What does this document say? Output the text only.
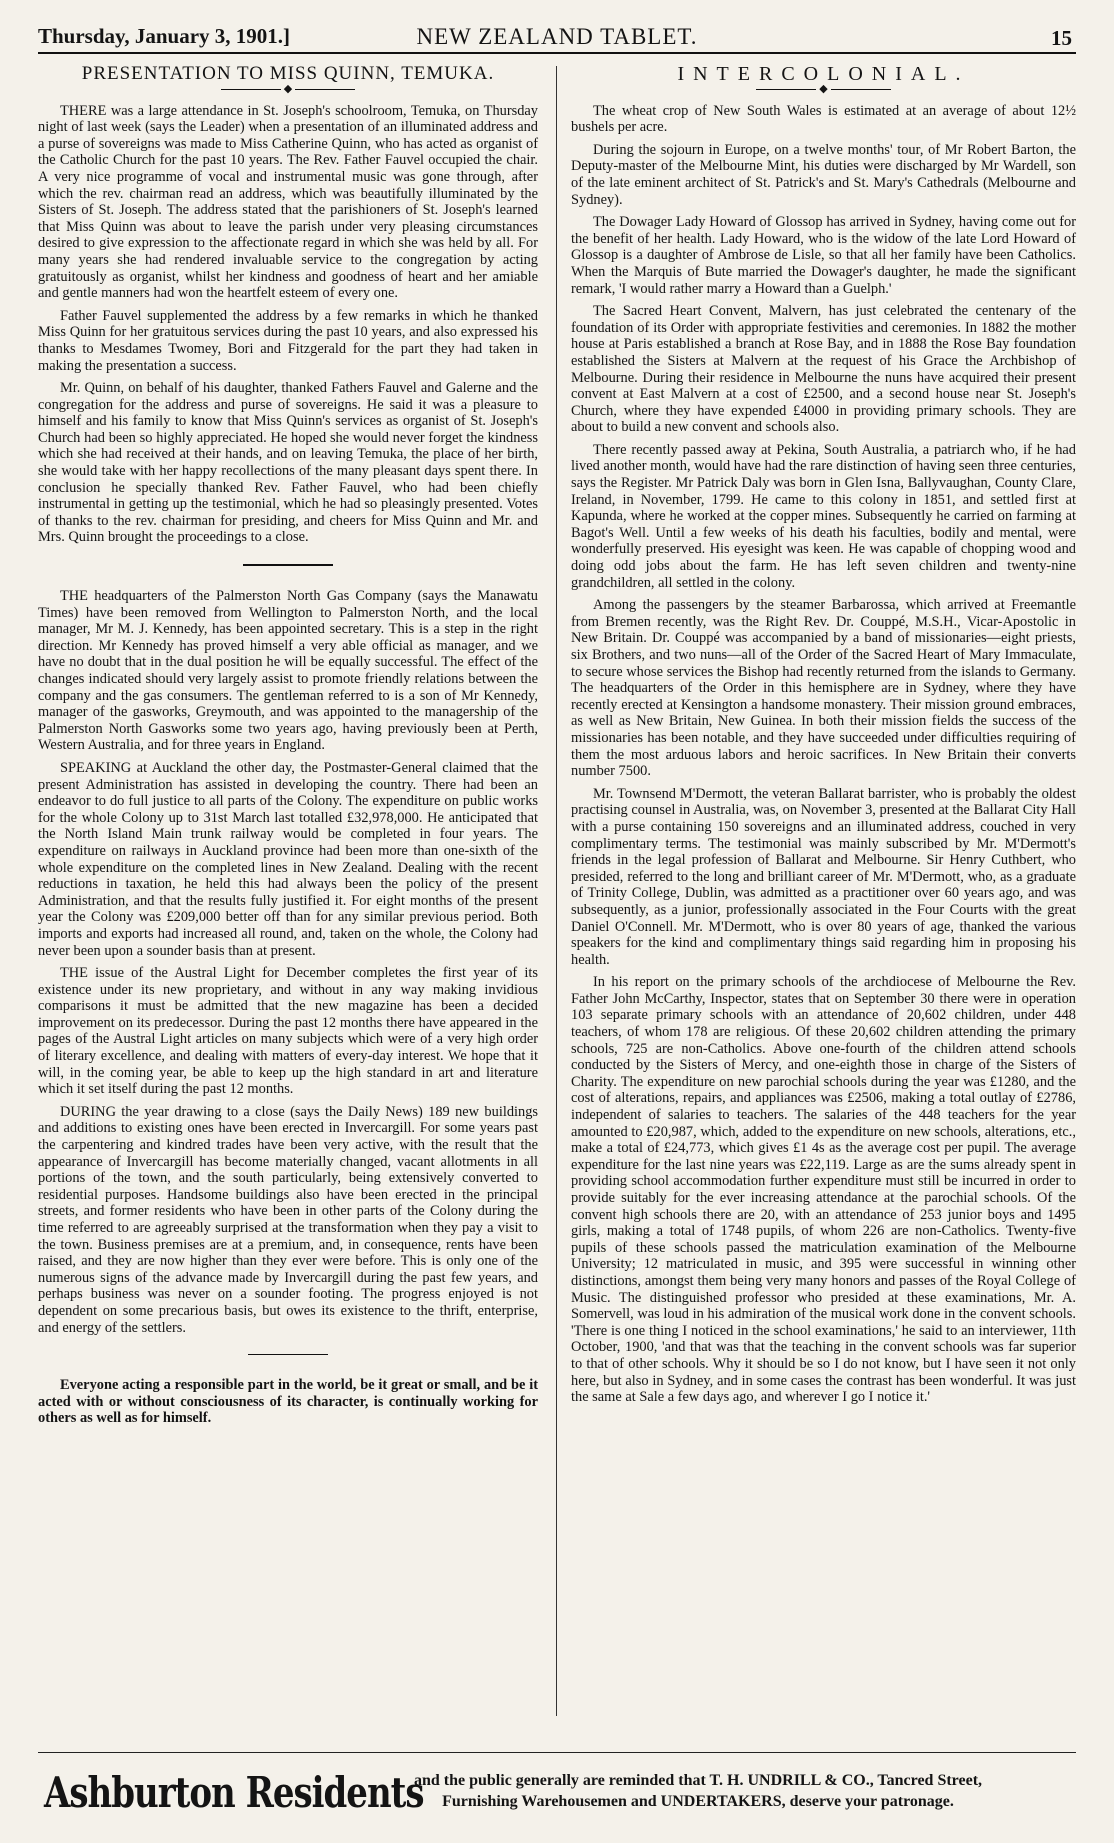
Thursday, January 3, 1901.]	NEW ZEALAND TABLET.	15
PRESENTATION TO MISS QUINN, TEMUKA.
◆

THERE was a large attendance in St. Joseph's schoolroom, Temuka, on Thursday night of last week (says the Leader) when a presentation of an illuminated address and a purse of sovereigns was made to Miss Catherine Quinn, who has acted as organist of the Catholic Church for the past 10 years. The Rev. Father Fauvel occupied the chair. A very nice programme of vocal and instrumental music was gone through, after which the rev. chairman read an address, which was beautifully illuminated by the Sisters of St. Joseph. The address stated that the parishioners of St. Joseph's learned that Miss Quinn was about to leave the parish under very pleasing circumstances desired to give expression to the affectionate regard in which she was held by all. For many years she had rendered invaluable service to the congregation by acting gratuitously as organist, whilst her kindness and goodness of heart and her amiable and gentle manners had won the heartfelt esteem of every one.

Father Fauvel supplemented the address by a few remarks in which he thanked Miss Quinn for her gratuitous services during the past 10 years, and also expressed his thanks to Mesdames Twomey, Bori and Fitzgerald for the part they had taken in making the presentation a success.

Mr. Quinn, on behalf of his daughter, thanked Fathers Fauvel and Galerne and the congregation for the address and purse of sovereigns. He said it was a pleasure to himself and his family to know that Miss Quinn's services as organist of St. Joseph's Church had been so highly appreciated. He hoped she would never forget the kindness which she had received at their hands, and on leaving Temuka, the place of her birth, she would take with her happy recollections of the many pleasant days spent there. In conclusion he specially thanked Rev. Father Fauvel, who had been chiefly instrumental in getting up the testimonial, which he had so pleasingly presented. Votes of thanks to the rev. chairman for presiding, and cheers for Miss Quinn and Mr. and Mrs. Quinn brought the proceedings to a close.

THE headquarters of the Palmerston North Gas Company (says the Manawatu Times) have been removed from Wellington to Palmerston North, and the local manager, Mr M. J. Kennedy, has been appointed secretary. This is a step in the right direction. Mr Kennedy has proved himself a very able official as manager, and we have no doubt that in the dual position he will be equally successful. The effect of the changes indicated should very largely assist to promote friendly relations between the company and the gas consumers. The gentleman referred to is a son of Mr Kennedy, manager of the gasworks, Greymouth, and was appointed to the managership of the Palmerston North Gasworks some two years ago, having previously been at Perth, Western Australia, and for three years in England.

SPEAKING at Auckland the other day, the Postmaster-General claimed that the present Administration has assisted in developing the country. There had been an endeavor to do full justice to all parts of the Colony. The expenditure on public works for the whole Colony up to 31st March last totalled £32,978,000. He anticipated that the North Island Main trunk railway would be completed in four years. The expenditure on railways in Auckland province had been more than one-sixth of the whole expenditure on the completed lines in New Zealand. Dealing with the recent reductions in taxation, he held this had always been the policy of the present Administration, and that the results fully justified it. For eight months of the present year the Colony was £209,000 better off than for any similar previous period. Both imports and exports had increased all round, and, taken on the whole, the Colony had never been upon a sounder basis than at present.

THE issue of the Austral Light for December completes the first year of its existence under its new proprietary, and without in any way making invidious comparisons it must be admitted that the new magazine has been a decided improvement on its predecessor. During the past 12 months there have appeared in the pages of the Austral Light articles on many subjects which were of a very high order of literary excellence, and dealing with matters of every-day interest. We hope that it will, in the coming year, be able to keep up the high standard in art and literature which it set itself during the past 12 months.

DURING the year drawing to a close (says the Daily News) 189 new buildings and additions to existing ones have been erected in Invercargill. For some years past the carpentering and kindred trades have been very active, with the result that the appearance of Invercargill has become materially changed, vacant allotments in all portions of the town, and the south particularly, being extensively converted to residential purposes. Handsome buildings also have been erected in the principal streets, and former residents who have been in other parts of the Colony during the time referred to are agreeably surprised at the transformation when they pay a visit to the town. Business premises are at a premium, and, in consequence, rents have been raised, and they are now higher than they ever were before. This is only one of the numerous signs of the advance made by Invercargill during the past few years, and perhaps business was never on a sounder footing. The progress enjoyed is not dependent on some precarious basis, but owes its existence to the thrift, enterprise, and energy of the settlers.

Everyone acting a responsible part in the world, be it great or small, and be it acted with or without consciousness of its character, is continually working for others as well as for himself.

INTERCOLONIAL.
◆

The wheat crop of New South Wales is estimated at an average of about 12½ bushels per acre.

During the sojourn in Europe, on a twelve months' tour, of Mr Robert Barton, the Deputy-master of the Melbourne Mint, his duties were discharged by Mr Wardell, son of the late eminent architect of St. Patrick's and St. Mary's Cathedrals (Melbourne and Sydney).

The Dowager Lady Howard of Glossop has arrived in Sydney, having come out for the benefit of her health. Lady Howard, who is the widow of the late Lord Howard of Glossop is a daughter of Ambrose de Lisle, so that all her family have been Catholics. When the Marquis of Bute married the Dowager's daughter, he made the significant remark, 'I would rather marry a Howard than a Guelph.'

The Sacred Heart Convent, Malvern, has just celebrated the centenary of the foundation of its Order with appropriate festivities and ceremonies. In 1882 the mother house at Paris established a branch at Rose Bay, and in 1888 the Rose Bay foundation established the Sisters at Malvern at the request of his Grace the Archbishop of Melbourne. During their residence in Melbourne the nuns have acquired their present convent at East Malvern at a cost of £2500, and a second house near St. Joseph's Church, where they have expended £4000 in providing primary schools. They are about to build a new convent and schools also.

There recently passed away at Pekina, South Australia, a patriarch who, if he had lived another month, would have had the rare distinction of having seen three centuries, says the Register. Mr Patrick Daly was born in Glen Isna, Ballyvaughan, County Clare, Ireland, in November, 1799. He came to this colony in 1851, and settled first at Kapunda, where he worked at the copper mines. Subsequently he carried on farming at Bagot's Well. Until a few weeks of his death his faculties, bodily and mental, were wonderfully preserved. His eyesight was keen. He was capable of chopping wood and doing odd jobs about the farm. He has left seven children and twenty-nine grandchildren, all settled in the colony.

Among the passengers by the steamer Barbarossa, which arrived at Freemantle from Bremen recently, was the Right Rev. Dr. Couppé, M.S.H., Vicar-Apostolic in New Britain. Dr. Couppé was accompanied by a band of missionaries—eight priests, six Brothers, and two nuns—all of the Order of the Sacred Heart of Mary Immaculate, to secure whose services the Bishop had recently returned from the islands to Germany. The headquarters of the Order in this hemisphere are in Sydney, where they have recently erected at Kensington a handsome monastery. Their mission ground embraces, as well as New Britain, New Guinea. In both their mission fields the success of the missionaries has been notable, and they have succeeded under difficulties requiring of them the most arduous labors and heroic sacrifices. In New Britain their converts number 7500.

Mr. Townsend M'Dermott, the veteran Ballarat barrister, who is probably the oldest practising counsel in Australia, was, on November 3, presented at the Ballarat City Hall with a purse containing 150 sovereigns and an illuminated address, couched in very complimentary terms. The testimonial was mainly subscribed by Mr. M'Dermott's friends in the legal profession of Ballarat and Melbourne. Sir Henry Cuthbert, who presided, referred to the long and brilliant career of Mr. M'Dermott, who, as a graduate of Trinity College, Dublin, was admitted as a practitioner over 60 years ago, and was subsequently, as a junior, professionally associated in the Four Courts with the great Daniel O'Connell. Mr. M'Dermott, who is over 80 years of age, thanked the various speakers for the kind and complimentary things said regarding him in proposing his health.

In his report on the primary schools of the archdiocese of Melbourne the Rev. Father John McCarthy, Inspector, states that on September 30 there were in operation 103 separate primary schools with an attendance of 20,602 children, under 448 teachers, of whom 178 are religious. Of these 20,602 children attending the primary schools, 725 are non-Catholics. Above one-fourth of the children attend schools conducted by the Sisters of Mercy, and one-eighth those in charge of the Sisters of Charity. The expenditure on new parochial schools during the year was £1280, and the cost of alterations, repairs, and appliances was £2506, making a total outlay of £2786, independent of salaries to teachers. The salaries of the 448 teachers for the year amounted to £20,987, which, added to the expenditure on new schools, alterations, etc., make a total of £24,773, which gives £1 4s as the average cost per pupil. The average expenditure for the last nine years was £22,119. Large as are the sums already spent in providing school accommodation further expenditure must still be incurred in order to provide suitably for the ever increasing attendance at the parochial schools. Of the convent high schools there are 20, with an attendance of 253 junior boys and 1495 girls, making a total of 1748 pupils, of whom 226 are non-Catholics. Twenty-five pupils of these schools passed the matriculation examination of the Melbourne University; 12 matriculated in music, and 395 were successful in winning other distinctions, amongst them being very many honors and passes of the Royal College of Music. The distinguished professor who presided at these examinations, Mr. A. Somervell, was loud in his admiration of the musical work done in the convent schools. 'There is one thing I noticed in the school examinations,' he said to an interviewer, 11th October, 1900, 'and that was that the teaching in the convent schools was far superior to that of other schools. Why it should be so I do not know, but I have seen it not only here, but also in Sydney, and in some cases the contrast has been wonderful. It was just the same at Sale a few days ago, and wherever I go I notice it.'

Ashburton Residents
and the public generally are reminded that T. H. UNDRILL & CO., Tancred Street,
Furnishing Warehousemen and UNDERTAKERS, deserve your patronage.
